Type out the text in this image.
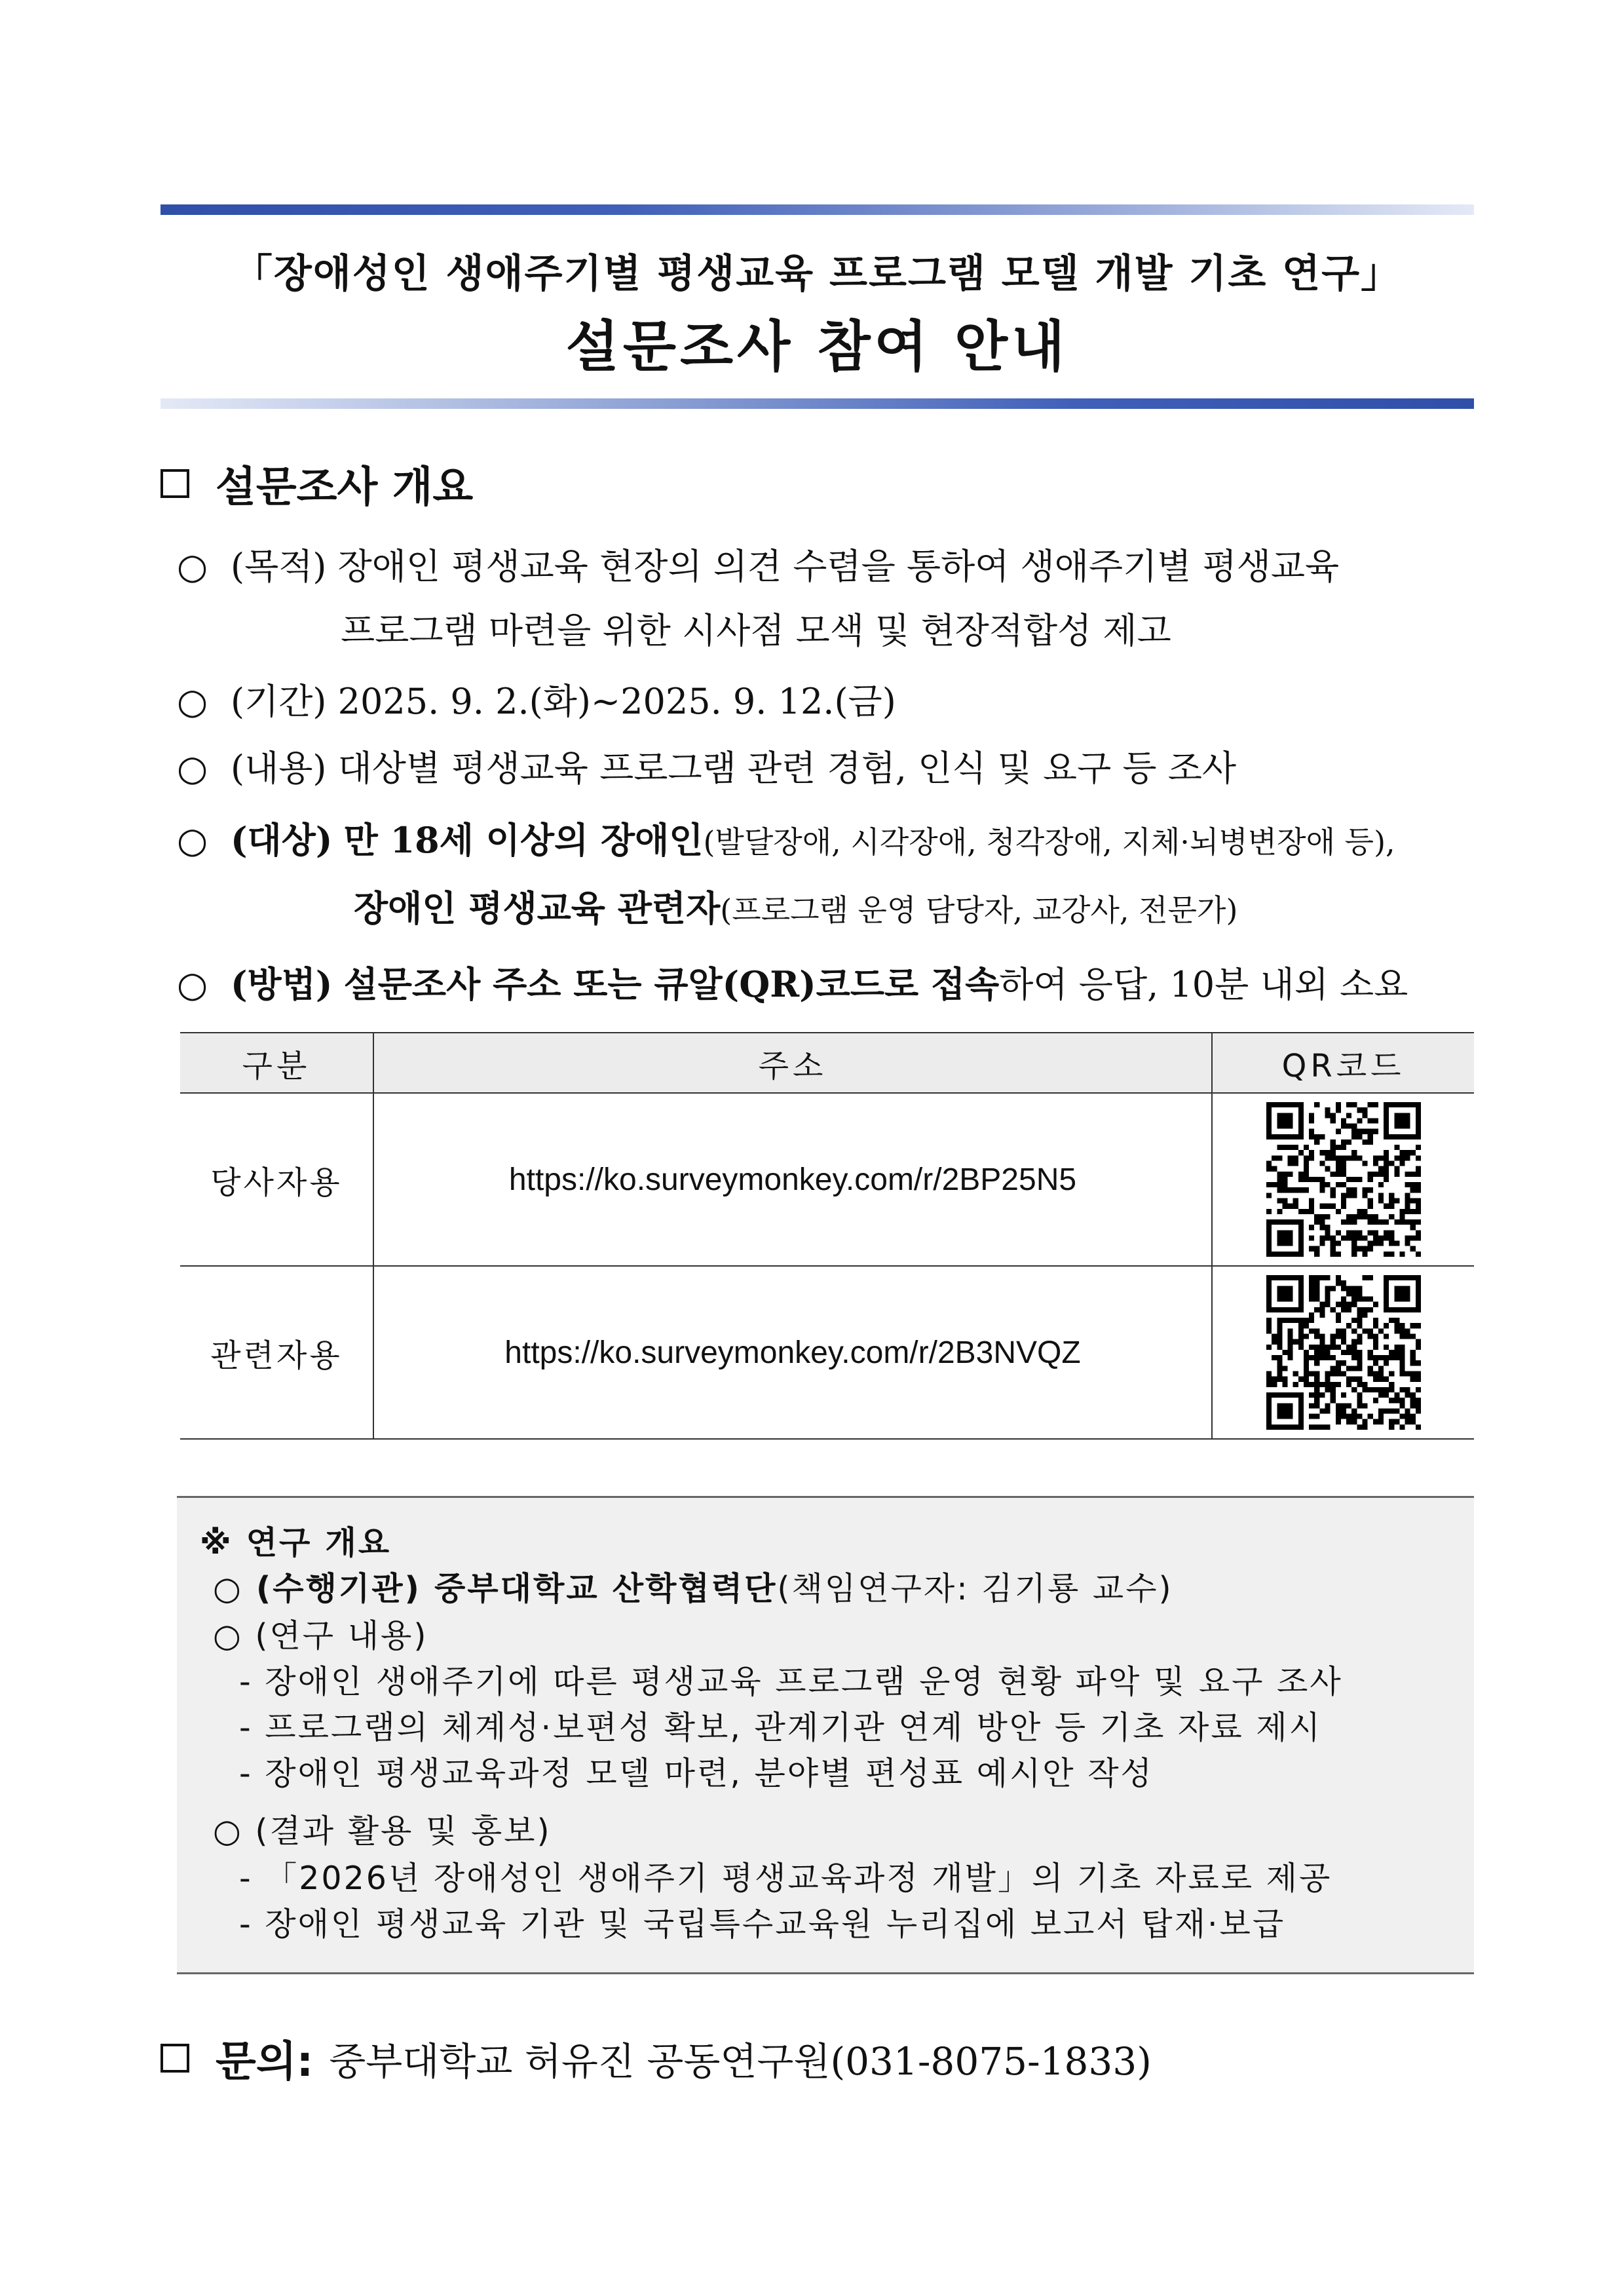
「장애성인 생애주기별 평생교육 프로그램 모델 개발 기초 연구」
설문조사 참여 안내
설문조사 개요
○ (목적) 장애인 평생교육 현장의 의견 수렴을 통하여 생애주기별 평생교육
프로그램 마련을 위한 시사점 모색 및 현장적합성 제고
○ (기간) 2025. 9. 2.(화)~2025. 9. 12.(금)
○ (내용) 대상별 평생교육 프로그램 관련 경험, 인식 및 요구 등 조사
○ (대상) 만 18세 이상의 장애인(발달장애, 시각장애, 청각장애, 지체·뇌병변장애 등),
장애인 평생교육 관련자(프로그램 운영 담당자, 교강사, 전문가)
○ (방법) 설문조사 주소 또는 큐알(QR)코드로 접속하여 응답, 10분 내외 소요
구분	주소	QR코드
당사자용	https://ko.surveymonkey.com/r/2BP25N5	
관련자용	https://ko.surveymonkey.com/r/2B3NVQZ	
※ 연구 개요
○ (수행기관) 중부대학교 산학협력단(책임연구자: 김기룡 교수)
○ (연구 내용)
- 장애인 생애주기에 따른 평생교육 프로그램 운영 현황 파악 및 요구 조사
- 프로그램의 체계성·보편성 확보, 관계기관 연계 방안 등 기초 자료 제시
- 장애인 평생교육과정 모델 마련, 분야별 편성표 예시안 작성
○ (결과 활용 및 홍보)
- 「2026년 장애성인 생애주기 평생교육과정 개발」의 기초 자료로 제공
- 장애인 평생교육 기관 및 국립특수교육원 누리집에 보고서 탑재·보급
문의: 중부대학교 허유진 공동연구원(031-8075-1833)
